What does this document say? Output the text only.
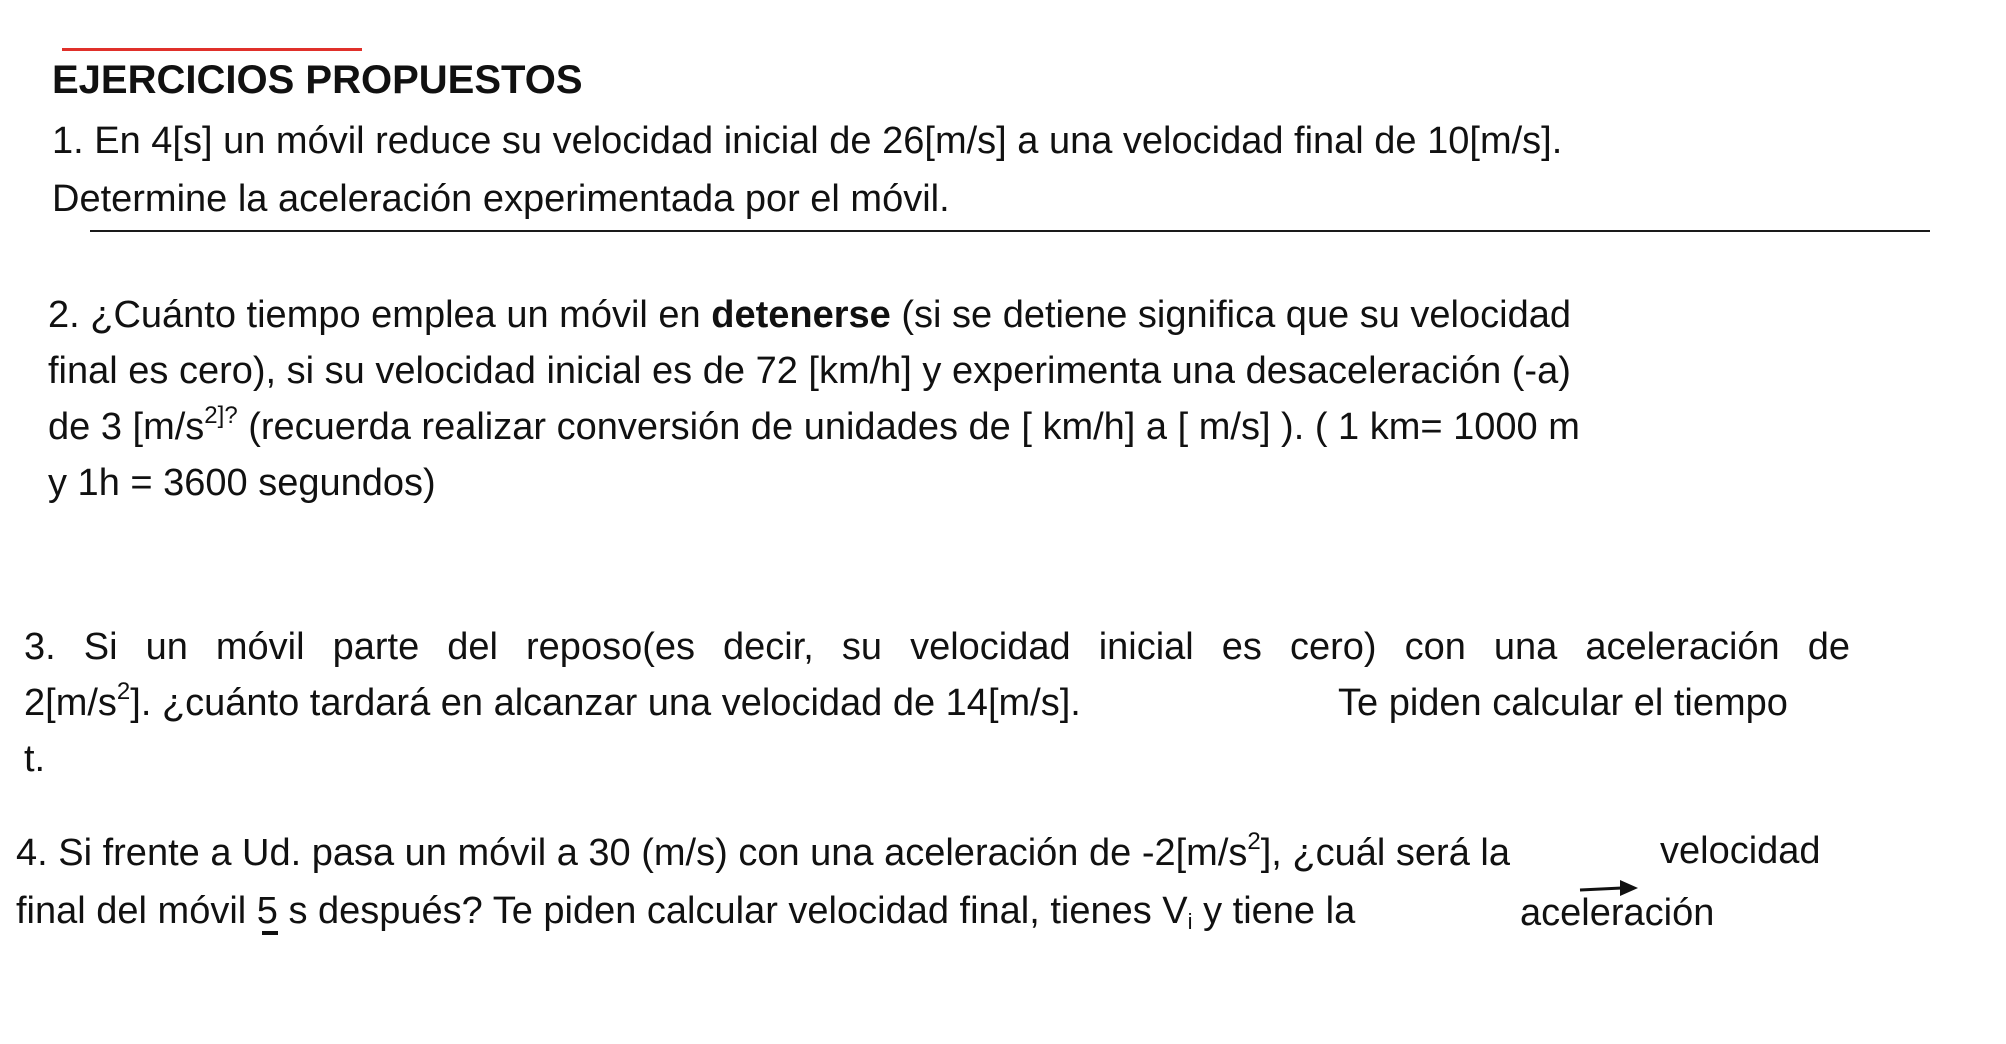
EJERCICIOS PROPUESTOS
1. En 4[s] un móvil reduce su velocidad inicial de 26[m/s] a una velocidad final de 10[m/s].
Determine la aceleración experimentada por el móvil.
2. ¿Cuánto tiempo emplea un móvil en detenerse (si se detiene significa que su velocidad
final es cero), si su velocidad inicial es de 72 [km/h] y experimenta una desaceleración (-a)
de 3 [$m/s^{2]?}$ (recuerda realizar conversión de unidades de [ km/h] a [ m/s] ). ( 1 km= 1000 m
y 1h = 3600 segundos)
3. Si un móvil parte del reposo(es decir, su velocidad inicial es cero) con una aceleración de
$2[m/s^2]$. ¿cuánto tardará en alcanzar una velocidad de 14[m/s].	Te piden calcular el tiempo
t.
4. Si frente a Ud. pasa un móvil a 30 (m/s) con una aceleración de $-2[m/s^2]$, ¿cuál será la	velocidad
final del móvil 5 s después? Te piden calcular velocidad final, tienes $V_i$ y tiene la	aceleración
